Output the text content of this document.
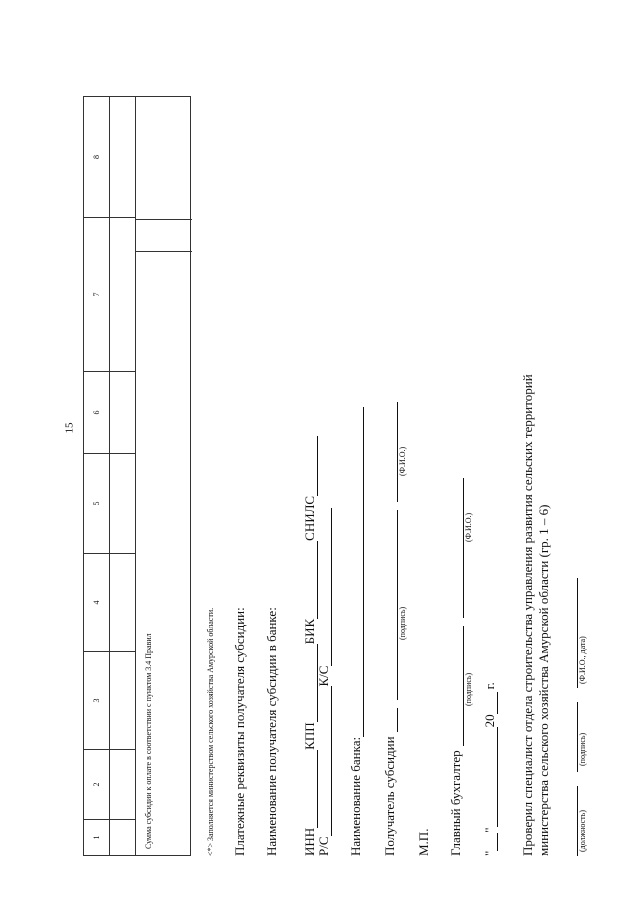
15
1
2
3
4
5
6
7
8
Сумма субсидии к оплате в соответствии с пунктом 3.4 Правил	<*> Заполняется министерством сельского хозяйства Амурской области. Платежные реквизиты получателя субсидии: Наименование получателя субсидии в банке: ИННКППБИКСНИЛС
Р/СК/С
Наименование банка: Получатель субсидии
(подпись)
(Ф.И.О.)
М.П. Главный бухгалтер
(подпись)
(Ф.И.О.)
""20г. Проверил специалист отдела строительства управления развития сельских территорий министерства сельского хозяйства Амурской области (гр. 1 – 6)	(должность)
(подпись)
(Ф.И.О., дата)
